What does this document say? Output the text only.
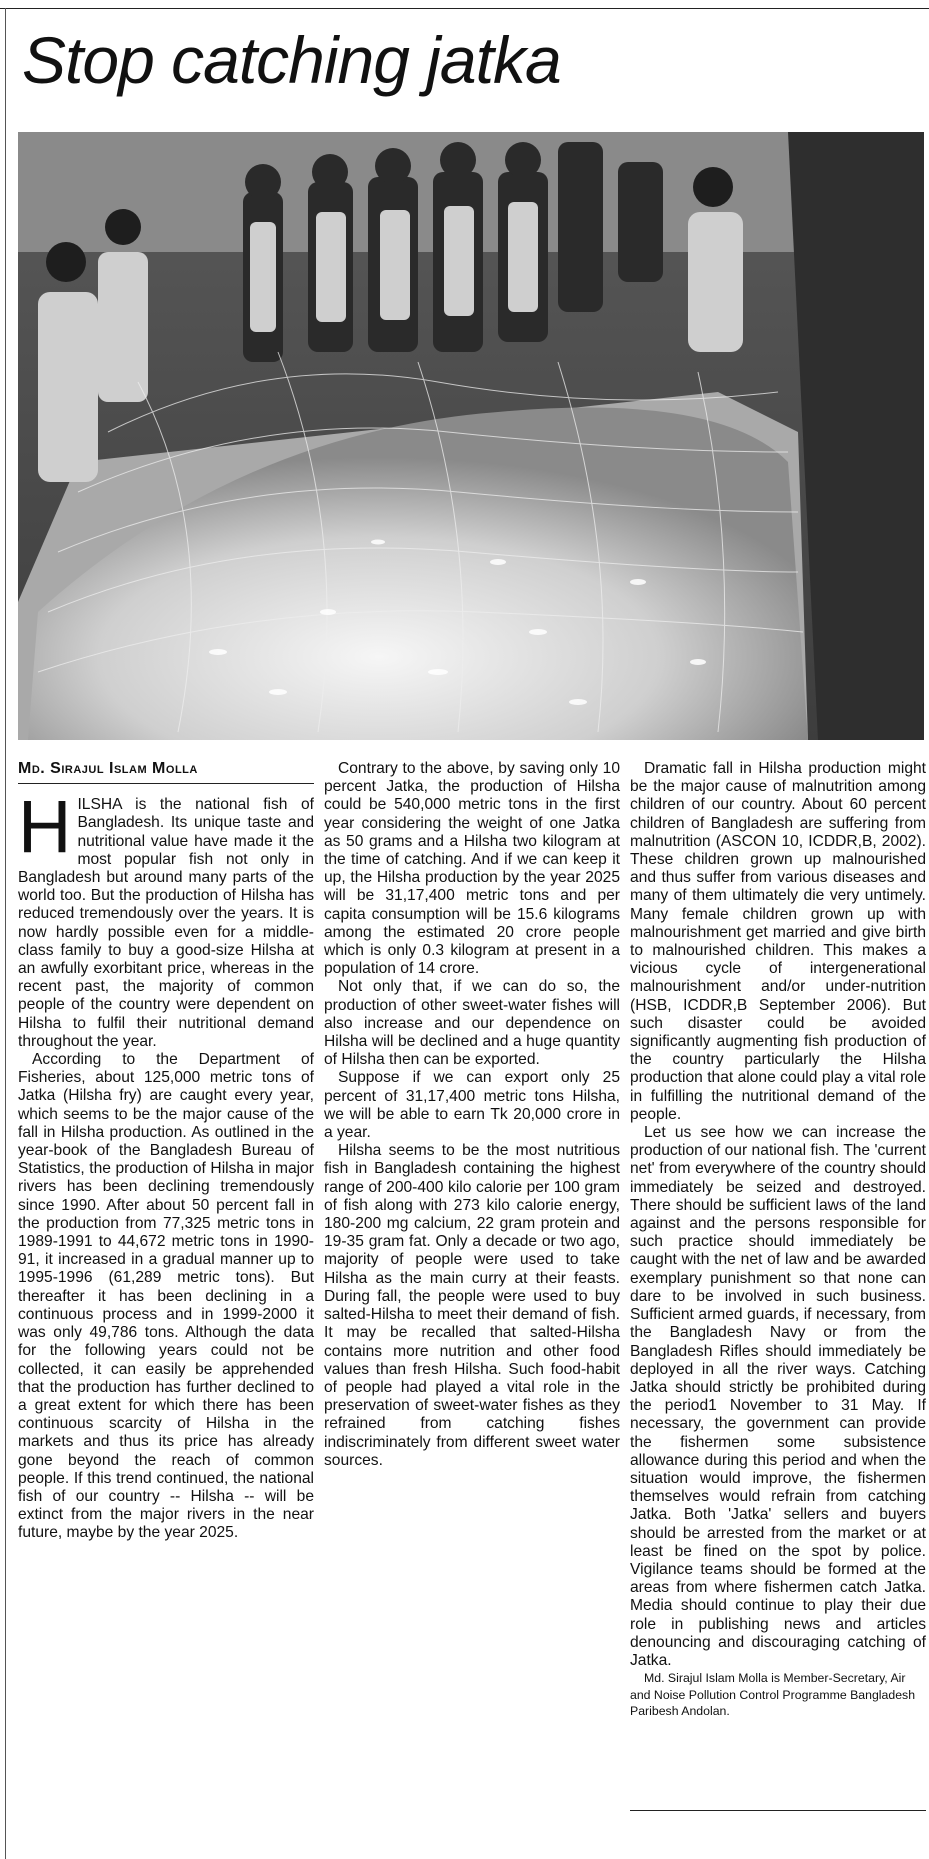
Stop catching jatka
Md. Sirajul Islam Molla

HILSHA is the national fish of Bangladesh. Its unique taste and nutritional value have made it the most popular fish not only in Bangladesh but around many parts of the world too. But the production of Hilsha has reduced tremendously over the years. It is now hardly possible even for a middle-class family to buy a good-size Hilsha at an awfully exorbitant price, whereas in the recent past, the majority of common people of the country were dependent on Hilsha to fulfil their nutritional demand throughout the year.

According to the Department of Fisheries, about 125,000 metric tons of Jatka (Hilsha fry) are caught every year, which seems to be the major cause of the fall in Hilsha production. As outlined in the year-book of the Bangladesh Bureau of Statistics, the production of Hilsha in major rivers has been declining tremendously since 1990. After about 50 percent fall in the production from 77,325 metric tons in 1989-1991 to 44,672 metric tons in 1990-91, it increased in a gradual manner up to 1995-1996 (61,289 metric tons). But thereafter it has been declining in a continuous process and in 1999-2000 it was only 49,786 tons. Although the data for the following years could not be collected, it can easily be apprehended that the production has further declined to a great extent for which there has been continuous scarcity of Hilsha in the markets and thus its price has already gone beyond the reach of common people. If this trend continued, the national fish of our country -- Hilsha -- will be extinct from the major rivers in the near future, maybe by the year 2025.

Contrary to the above, by saving only 10 percent Jatka, the production of Hilsha could be 540,000 metric tons in the first year considering the weight of one Jatka as 50 grams and a Hilsha two kilogram at the time of catching. And if we can keep it up, the Hilsha production by the year 2025 will be 31,17,400 metric tons and per capita consumption will be 15.6 kilograms among the estimated 20 crore people which is only 0.3 kilogram at present in a population of 14 crore.

Not only that, if we can do so, the production of other sweet-water fishes will also increase and our dependence on Hilsha will be declined and a huge quantity of Hilsha then can be exported.

Suppose if we can export only 25 percent of 31,17,400 metric tons Hilsha, we will be able to earn Tk 20,000 crore in a year.

Hilsha seems to be the most nutritious fish in Bangladesh containing the highest range of 200-400 kilo calorie per 100 gram of fish along with 273 kilo calorie energy, 180-200 mg calcium, 22 gram protein and 19-35 gram fat. Only a decade or two ago, majority of people were used to take Hilsha as the main curry at their feasts. During fall, the people were used to buy salted-Hilsha to meet their demand of fish. It may be recalled that salted-Hilsha contains more nutrition and other food values than fresh Hilsha. Such food-habit of people had played a vital role in the preservation of sweet-water fishes as they refrained from catching fishes indiscriminately from different sweet water sources.

Dramatic fall in Hilsha production might be the major cause of malnutrition among children of our country. About 60 percent children of Bangladesh are suffering from malnutrition (ASCON 10, ICDDR,B, 2002). These children grown up malnourished and thus suffer from various diseases and many of them ultimately die very untimely. Many female children grown up with malnourishment get married and give birth to malnourished children. This makes a vicious cycle of intergenerational malnourishment and/or under-nutrition (HSB, ICDDR,B September 2006). But such disaster could be avoided significantly augmenting fish production of the country particularly the Hilsha production that alone could play a vital role in fulfilling the nutritional demand of the people.

Let us see how we can increase the production of our national fish. The 'current net' from everywhere of the country should immediately be seized and destroyed. There should be sufficient laws of the land against and the persons responsible for such practice should immediately be caught with the net of law and be awarded exemplary punishment so that none can dare to be involved in such business. Sufficient armed guards, if necessary, from the Bangladesh Navy or from the Bangladesh Rifles should immediately be deployed in all the river ways. Catching Jatka should strictly be prohibited during the period1 November to 31 May. If necessary, the government can provide the fishermen some subsistence allowance during this period and when the situation would improve, the fishermen themselves would refrain from catching Jatka. Both 'Jatka' sellers and buyers should be arrested from the market or at least be fined on the spot by police. Vigilance teams should be formed at the areas from where fishermen catch Jatka. Media should continue to play their due role in publishing news and articles denouncing and discouraging catching of Jatka.

Md. Sirajul Islam Molla is Member-Secretary, Air and Noise Pollution Control Programme Bangladesh Paribesh Andolan.
